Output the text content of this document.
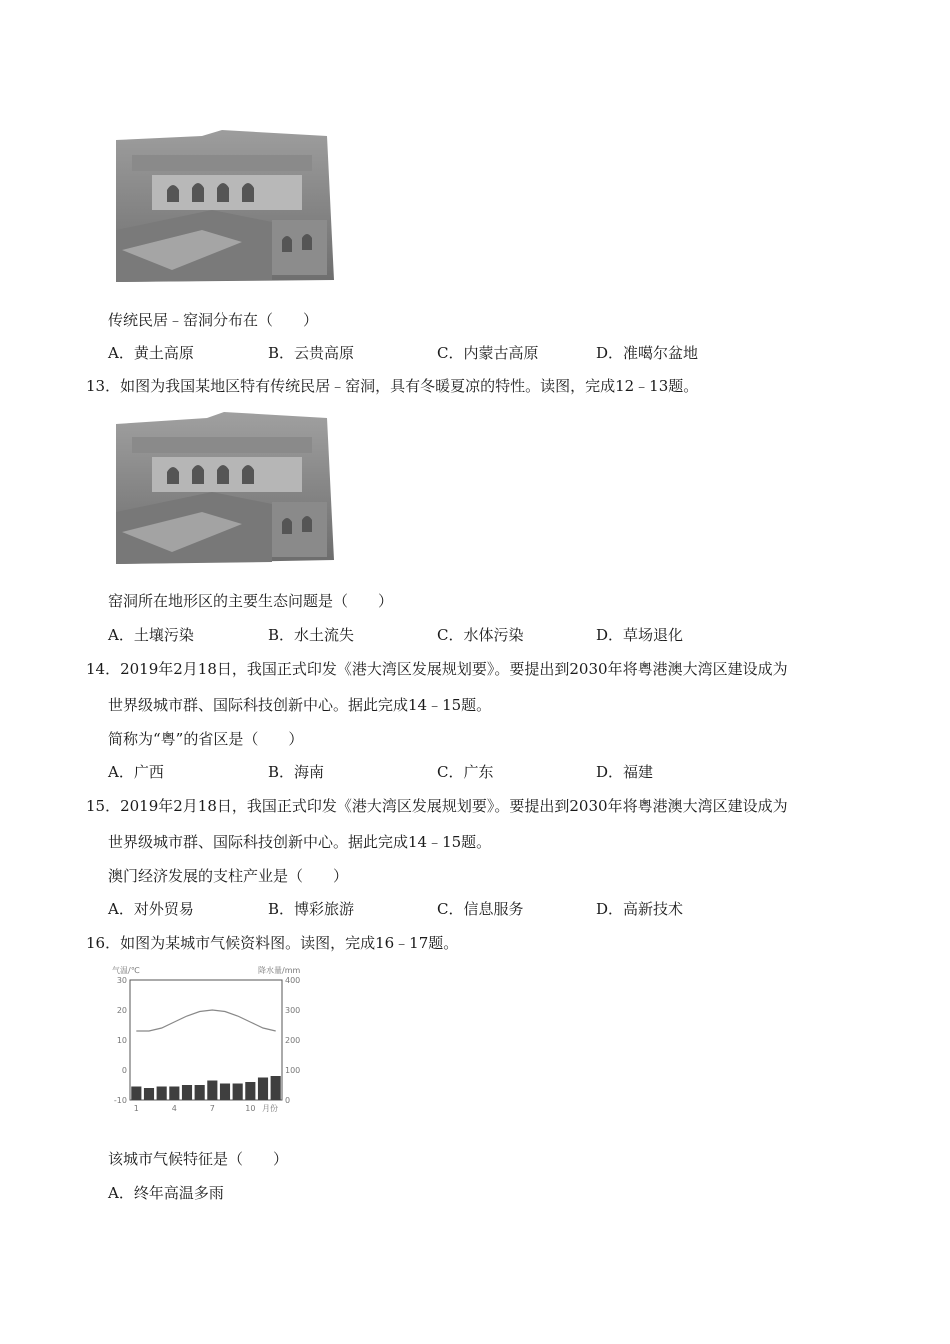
传统民居﹣窑洞分布在（　　）
A．黄土高原	B．云贵高原	C．内蒙古高原	D．准噶尔盆地
13．如图为我国某地区特有传统民居﹣窑洞，具有冬暖夏凉的特性。读图，完成12﹣13题。
窑洞所在地形区的主要生态问题是（　　）
A．土壤污染	B．水土流失	C．水体污染	D．草场退化
14．2019年2月18日，我国正式印发《港大湾区发展规划要》。要提出到2030年将粤港澳大湾区建设成为
世界级城市群、国际科技创新中心。据此完成14﹣15题。
简称为“粤”的省区是（　　）
A．广西	B．海南	C．广东	D．福建
15．2019年2月18日，我国正式印发《港大湾区发展规划要》。要提出到2030年将粤港澳大湾区建设成为
世界级城市群、国际科技创新中心。据此完成14﹣15题。
澳门经济发展的支柱产业是（　　）
A．对外贸易	B．博彩旅游	C．信息服务	D．高新技术
16．如图为某城市气候资料图。读图，完成16﹣17题。
气温/℃	降水量/mm
30
20
10
0
-10
400
300
200
100
0
1	4	7	10 月份
该城市气候特征是（　　）
A．终年高温多雨
